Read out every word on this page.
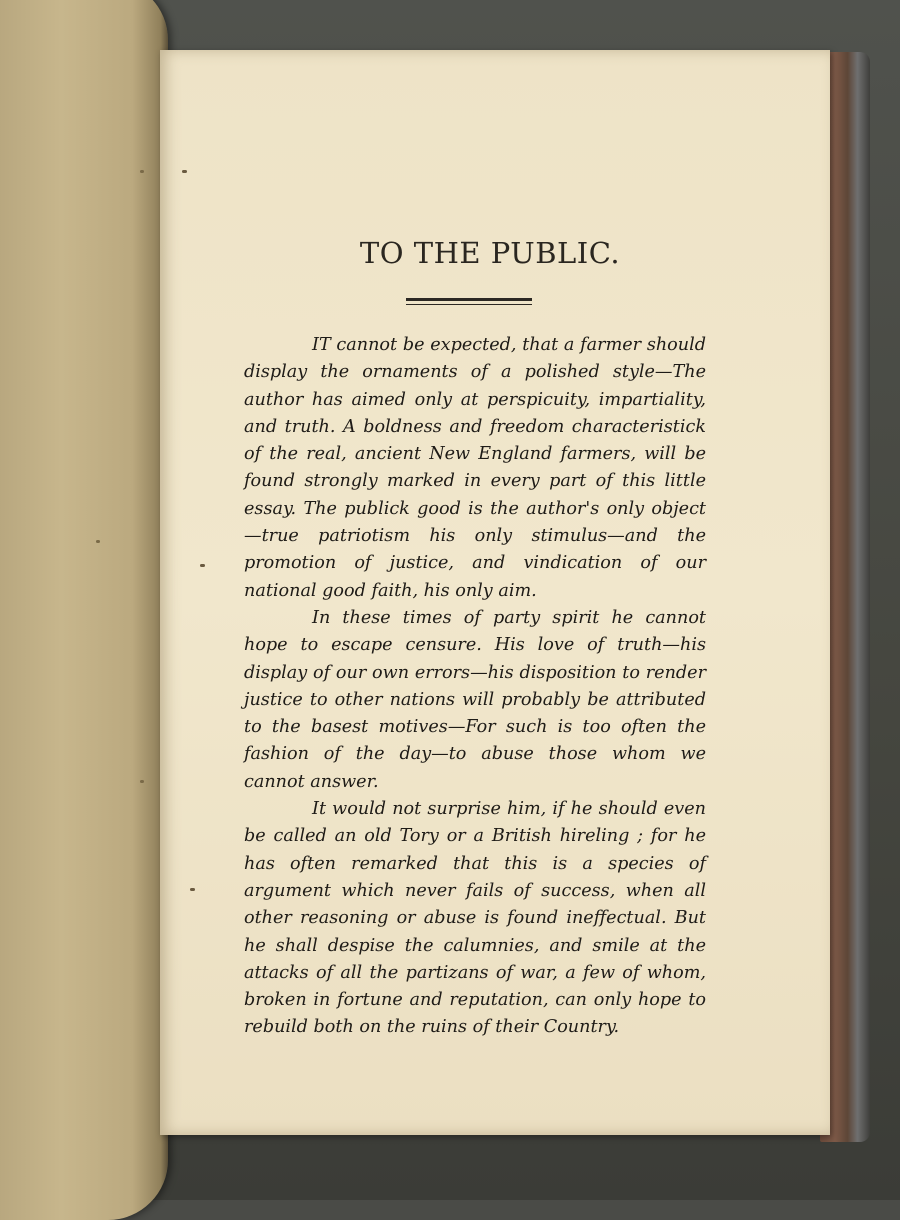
TO THE PUBLIC.

IT cannot be expected, that a farmer should display the ornaments of a polished style—The author has aimed only at perspicuity, impartiality, and truth. A boldness and freedom characteristick of the real, ancient New England farmers, will be found strongly marked in every part of this little essay. The publick good is the author's only object—true patriotism his only stimulus—and the promotion of justice, and vindication of our national good faith, his only aim.

In these times of party spirit he cannot hope to escape censure. His love of truth—his display of our own errors—his disposition to render justice to other nations will probably be attributed to the basest motives—For such is too often the fashion of the day—to abuse those whom we cannot answer.

It would not surprise him, if he should even be called an old Tory or a British hireling ; for he has often remarked that this is a species of argument which never fails of success, when all other reasoning or abuse is found ineffectual. But he shall despise the calumnies, and smile at the attacks of all the partizans of war, a few of whom, broken in fortune and reputation, can only hope to rebuild both on the ruins of their Country.
